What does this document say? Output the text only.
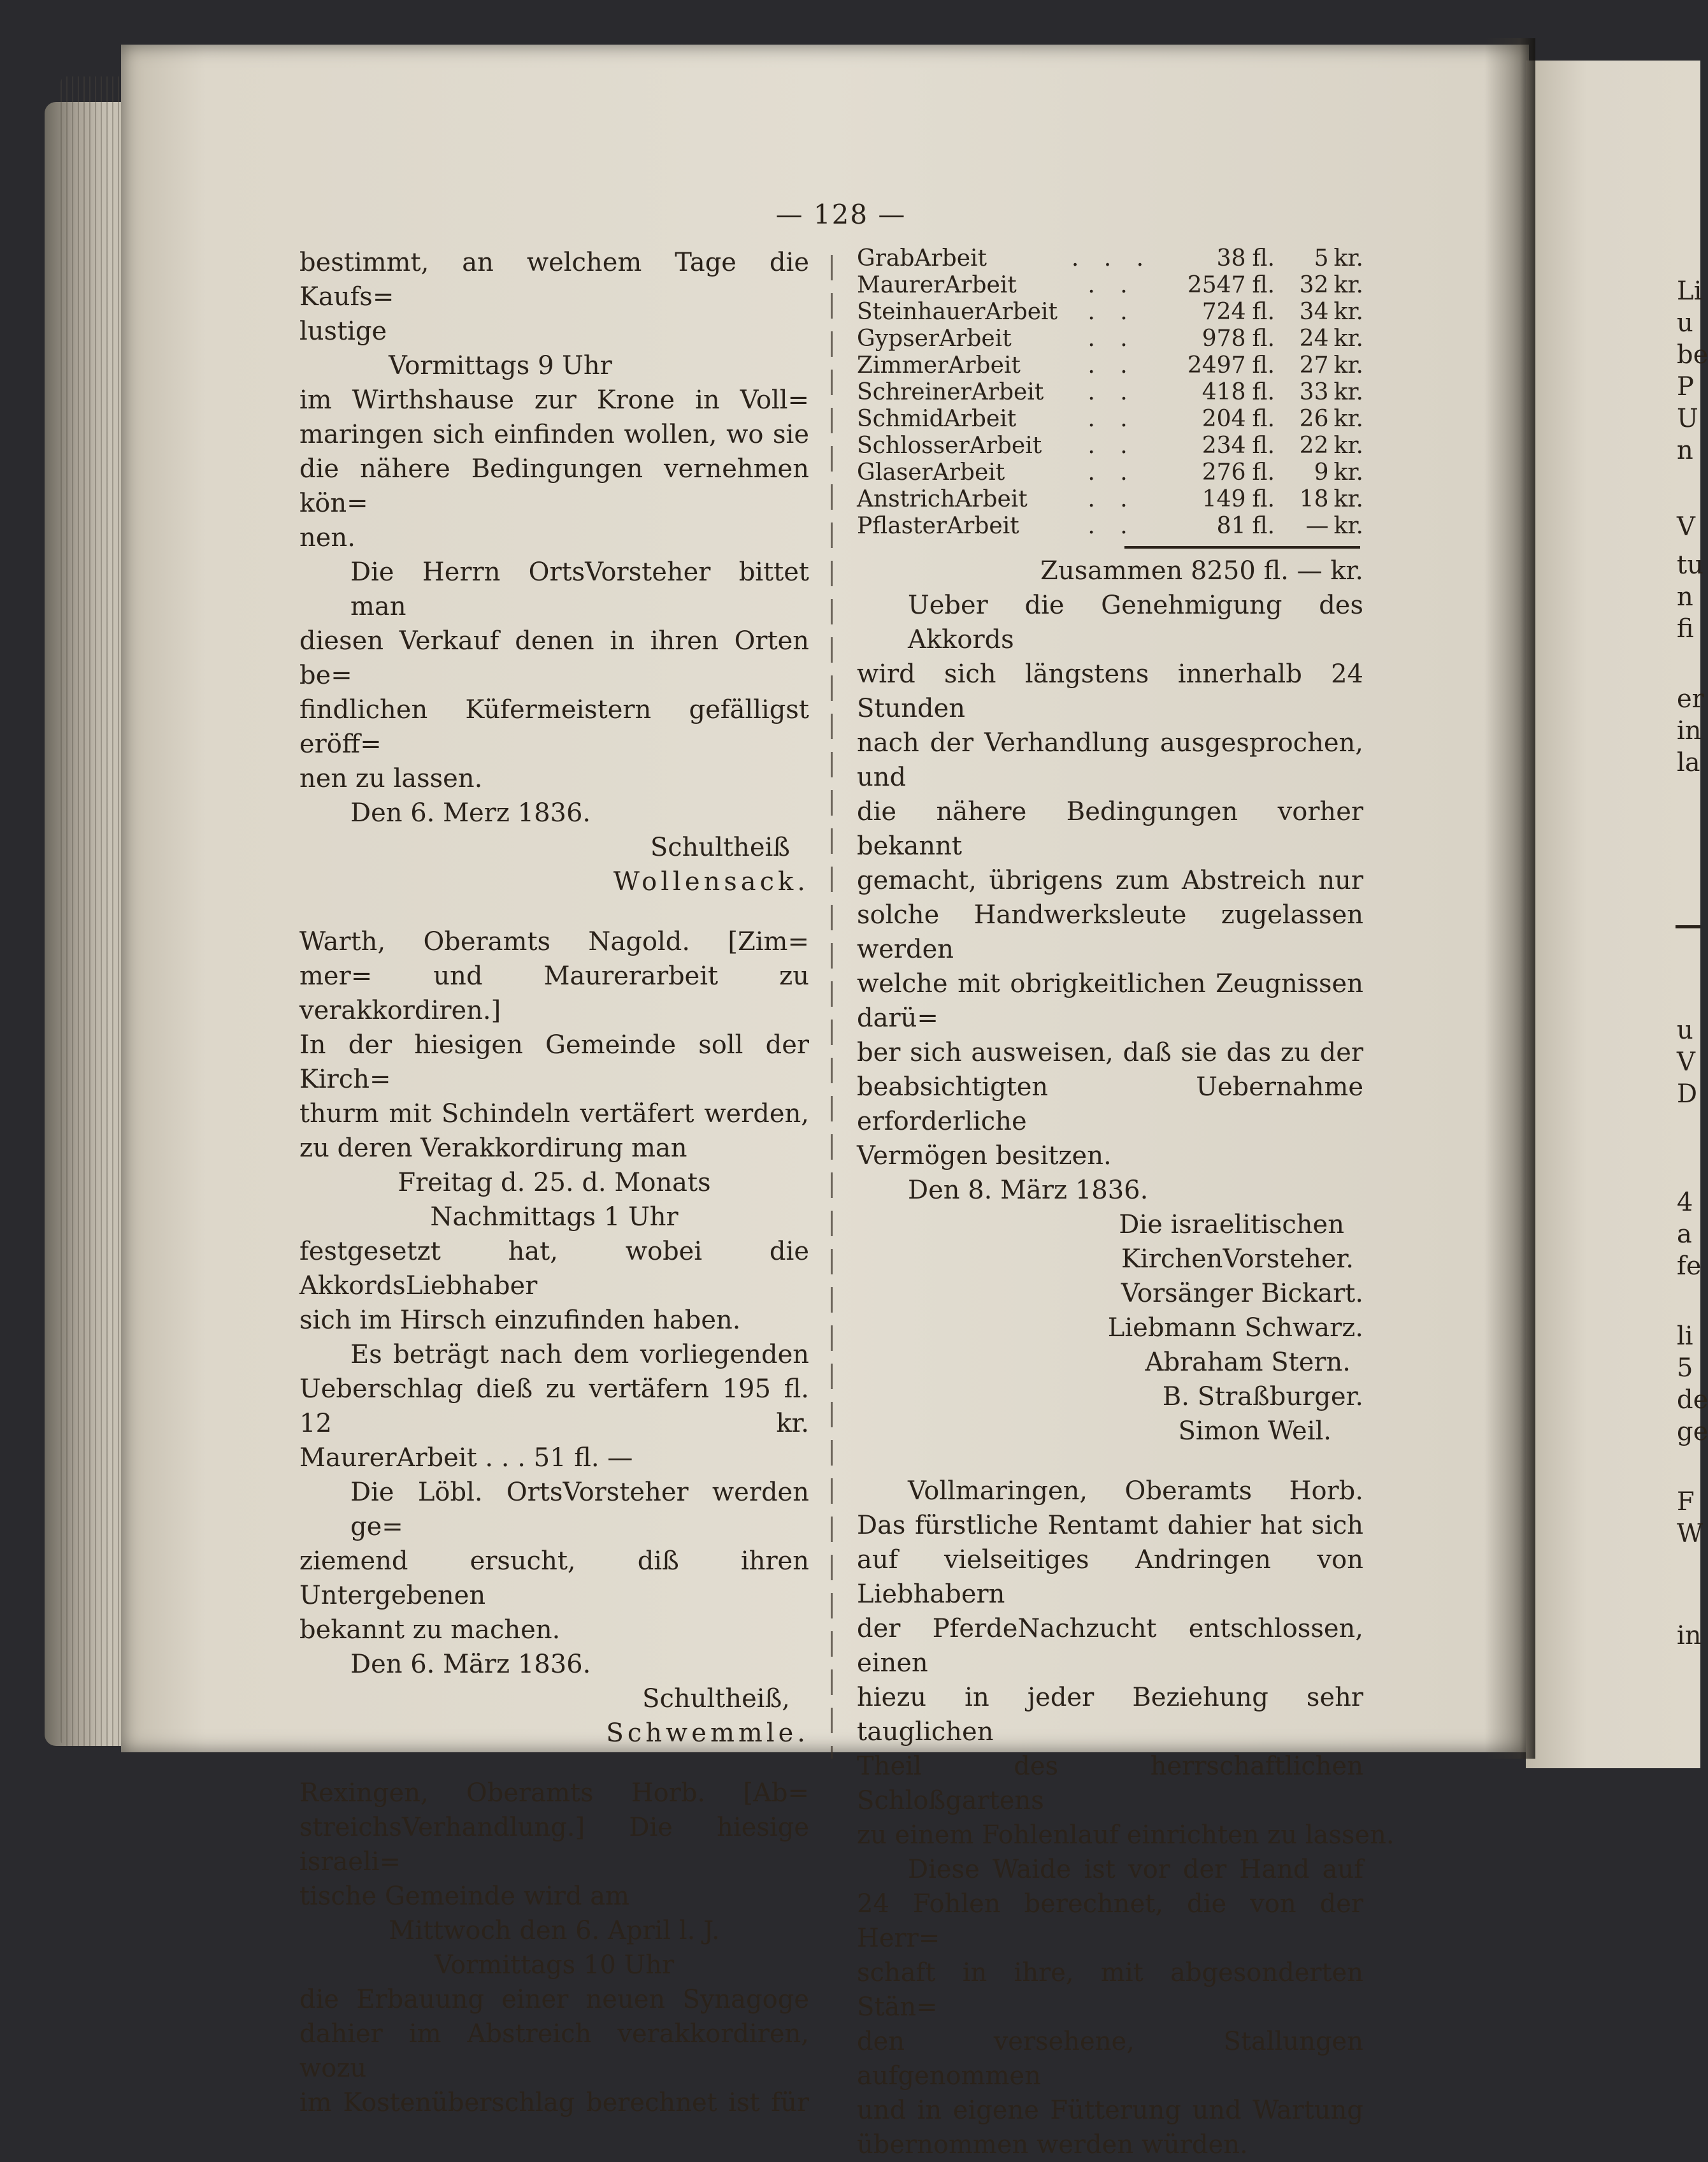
— 128 —
bestimmt, an welchem Tage die Kaufs=
lustige
Vormittags 9 Uhr
im Wirthshause zur Krone in Voll=
maringen sich einfinden wollen, wo sie
die nähere Bedingungen vernehmen kön=
nen.
Die Herrn OrtsVorsteher bittet man
diesen Verkauf denen in ihren Orten be=
findlichen Küfermeistern gefälligst eröff=
nen zu lassen.
Den 6. Merz 1836.
Schultheiß
Wollensack.
Warth, Oberamts Nagold. [Zim=
mer= und Maurerarbeit zu verakkordiren.]
In der hiesigen Gemeinde soll der Kirch=
thurm mit Schindeln vertäfert werden,
zu deren Verakkordirung man
Freitag d. 25. d. Monats
Nachmittags 1 Uhr
festgesetzt hat, wobei die AkkordsLiebhaber
sich im Hirsch einzufinden haben.
Es beträgt nach dem vorliegenden
Ueberschlag dieß zu vertäfern 195 fl. 12 kr.
MaurerArbeit . . . 51 fl. —
Die Löbl. OrtsVorsteher werden ge=
ziemend ersucht, diß ihren Untergebenen
bekannt zu machen.
Den 6. März 1836.
Schultheiß,
Schwemmle.
Rexingen, Oberamts Horb. [Ab=
streichsVerhandlung.] Die hiesige israeli=
tische Gemeinde wird am
Mittwoch den 6. April l. J.
Vormittags 10 Uhr
die Erbauung einer neuen Synagoge
dahier im Abstreich verakkordiren, wozu
im Kostenüberschlag berechnet ist für
GrabArbeit	. . .	38	fl.	5	kr.
MaurerArbeit	. .	2547	fl.	32	kr.
SteinhauerArbeit	. .	724	fl.	34	kr.
GypserArbeit	. .	978	fl.	24	kr.
ZimmerArbeit	. .	2497	fl.	27	kr.
SchreinerArbeit	. .	418	fl.	33	kr.
SchmidArbeit	. .	204	fl.	26	kr.
SchlosserArbeit	. .	234	fl.	22	kr.
GlaserArbeit	. .	276	fl.	9	kr.
AnstrichArbeit	. .	149	fl.	18	kr.
PflasterArbeit	. .	81	fl.	—	kr.
Zusammen 8250 fl. — kr.
Ueber die Genehmigung des Akkords
wird sich längstens innerhalb 24 Stunden
nach der Verhandlung ausgesprochen, und
die nähere Bedingungen vorher bekannt
gemacht, übrigens zum Abstreich nur
solche Handwerksleute zugelassen werden
welche mit obrigkeitlichen Zeugnissen darü=
ber sich ausweisen, daß sie das zu der
beabsichtigten Uebernahme erforderliche
Vermögen besitzen.
Den 8. März 1836.
Die israelitischen
KirchenVorsteher.
Vorsänger Bickart.
Liebmann Schwarz.
Abraham Stern.
B. Straßburger.
Simon Weil.
Vollmaringen, Oberamts Horb.
Das fürstliche Rentamt dahier hat sich
auf vielseitiges Andringen von Liebhabern
der PferdeNachzucht entschlossen, einen
hiezu in jeder Beziehung sehr tauglichen
Theil des herrschaftlichen Schloßgartens
zu einem Fohlenlauf einrichten zu lassen.
Diese Waide ist vor der Hand auf
24 Fohlen berechnet, die von der Herr=
schaft in ihre, mit abgesonderten Stän=
den versehene, Stallungen aufgenommen
und in eigene Fütterung und Wartung
übernommen werden würden.
Li
u
be
P
U
n
V
tu
n
fi
er
in
la
u
V
D
4
a
fe
li
5
de
ge
F
W
in
